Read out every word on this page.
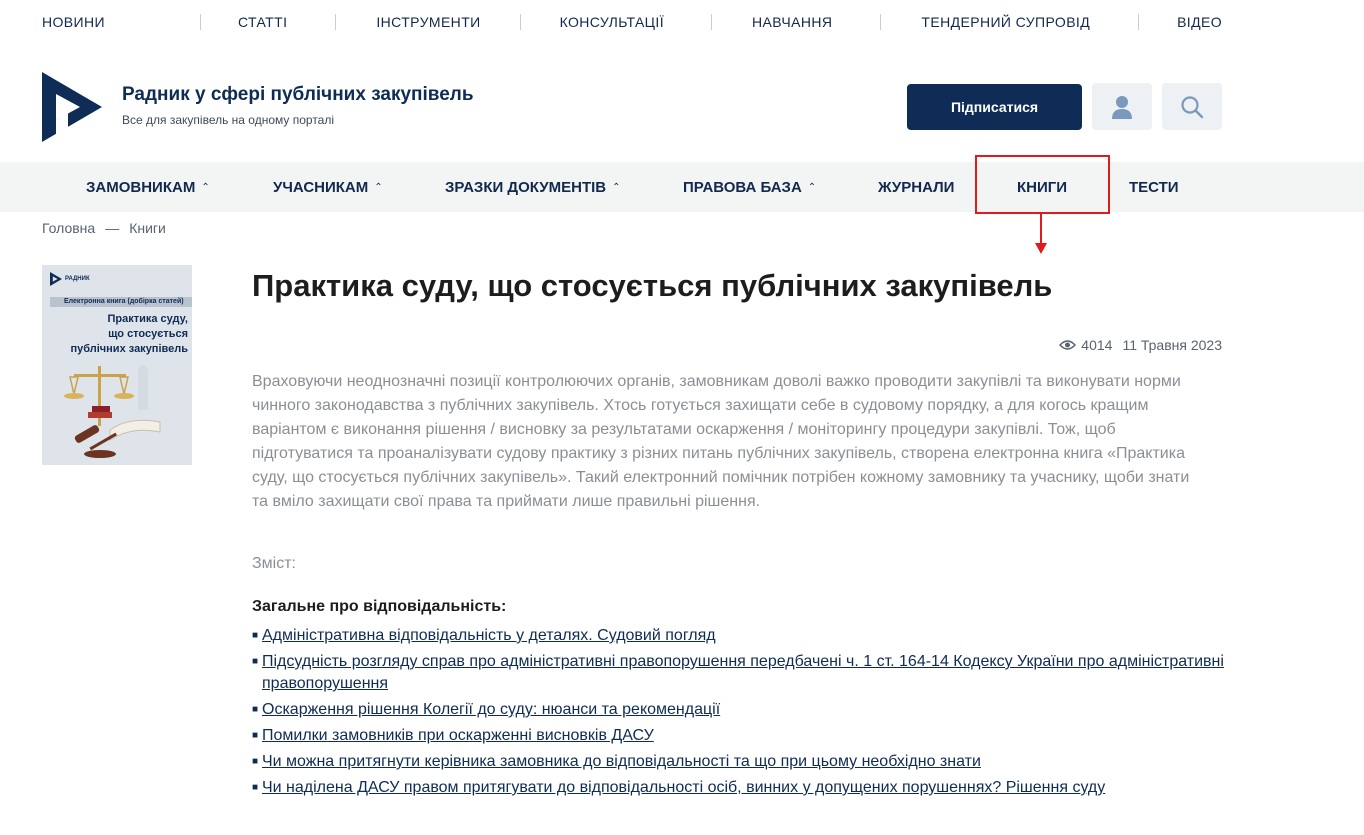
НОВИНИ	СТАТТІ	ІНСТРУМЕНТИ	КОНСУЛЬТАЦІЇ	НАВЧАННЯ	ТЕНДЕРНИЙ СУПРОВІД	ВІДЕО
Радник у сфері публічних закупівель
Все для закупівель на одному порталі
Підписатися
ЗАМОВНИКАМ ⌃	УЧАСНИКАМ ⌃	ЗРАЗКИ ДОКУМЕНТІВ ⌃	ПРАВОВА БАЗА ⌃	ЖУРНАЛИ	КНИГИ	ТЕСТИ
Головна — Книги
РАДНИК
Електронна книга (добірка статей)
Практика суду,
що стосується
публічних закупівель
Практика суду, що стосується публічних закупівель
4014 11 Травня 2023

Враховуючи неоднозначні позиції контролюючих органів, замовникам доволі важко проводити закупівлі та виконувати норми чинного законодавства з публічних закупівель. Хтось готується захищати себе в судовому порядку, а для когось кращим варіантом є виконання рішення / висновку за результатами оскарження / моніторингу процедури закупівлі. Тож, щоб підготуватися та проаналізувати судову практику з різних питань публічних закупівель, створена електронна книга «Практика суду, що стосується публічних закупівель». Такий електронний помічник потрібен кожному замовнику та учаснику, щоби знати та вміло захищати свої права та приймати лише правильні рішення.

Зміст:
Загальне про відповідальність:
■ Адміністративна відповідальність у деталях. Судовий погляд
■ Підсудність розгляду справ про адміністративні правопорушення передбачені ч. 1 ст. 164-14 Кодексу України про адміністративні правопорушення
■ Оскарження рішення Колегії до суду: нюанси та рекомендації
■ Помилки замовників при оскарженні висновків ДАСУ
■ Чи можна притягнути керівника замовника до відповідальності та що при цьому необхідно знати
■ Чи наділена ДАСУ правом притягувати до відповідальності осіб, винних у допущених порушеннях? Рішення суду
